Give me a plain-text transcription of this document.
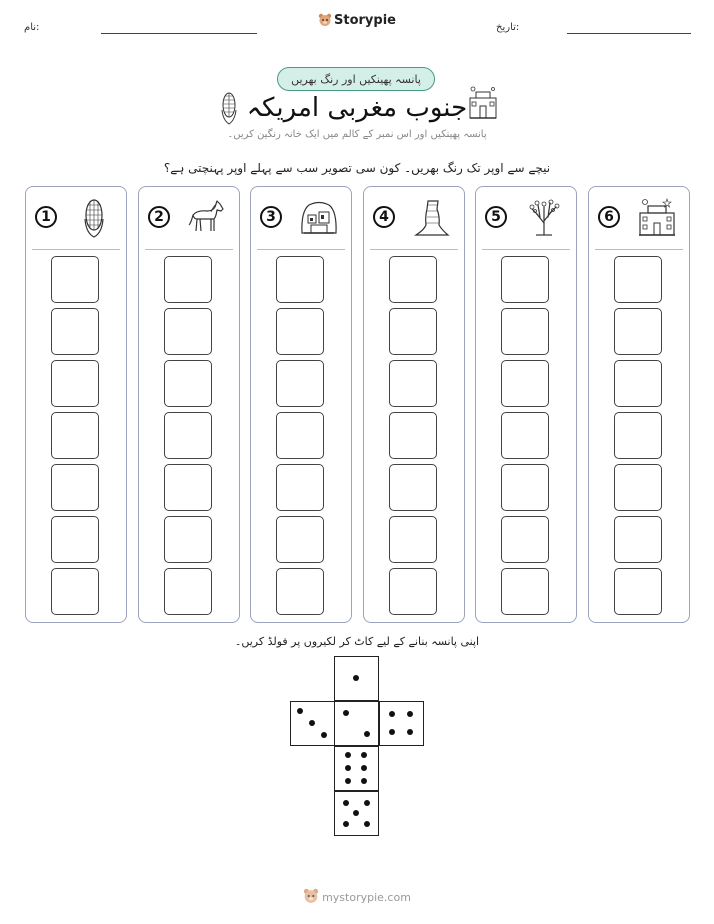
نام:	تاریخ:
Storypie
پانسہ پھینکیں اور رنگ بھریں
جنوب مغربی امریکہ
پانسہ پھینکیں اور اس نمبر کے کالم میں ایک خانہ رنگین کریں۔
نیچے سے اوپر تک رنگ بھریں۔ کون سی تصویر سب سے پہلے اوپر پہنچتی ہے؟
1	2	3	4	5	6
اپنی پانسہ بنانے کے لیے کاٹ کر لکیروں پر فولڈ کریں۔
mystorypie.com
